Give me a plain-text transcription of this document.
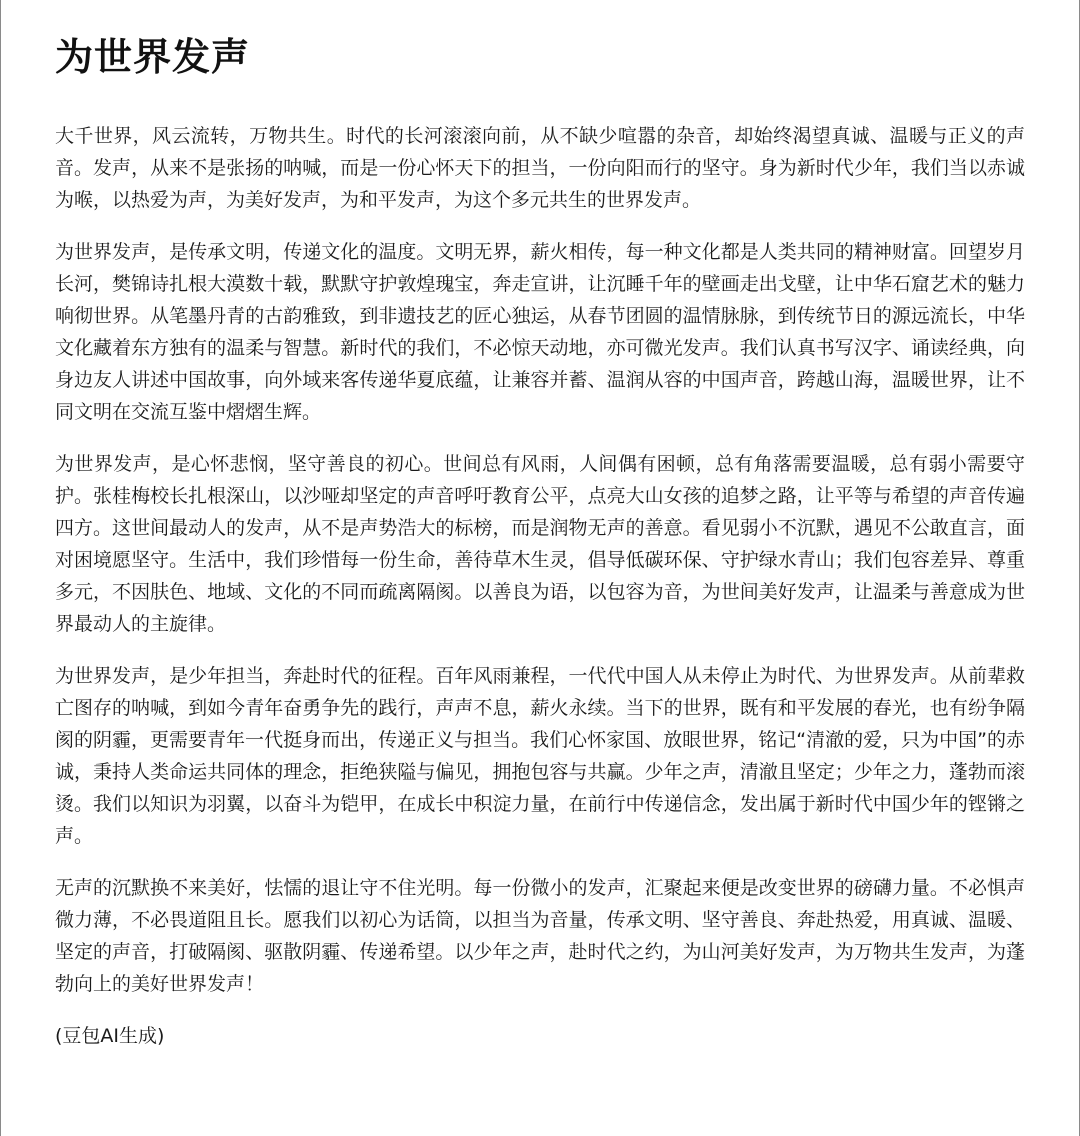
为世界发声

大千世界，风云流转，万物共生。时代的长河滚滚向前，从不缺少喧嚣的杂音，却始终渴望真诚、温暖与正义的声音。发声，从来不是张扬的呐喊，而是一份心怀天下的担当，一份向阳而行的坚守。身为新时代少年，我们当以赤诚为喉，以热爱为声，为美好发声，为和平发声，为这个多元共生的世界发声。

为世界发声，是传承文明，传递文化的温度。文明无界，薪火相传，每一种文化都是人类共同的精神财富。回望岁月长河，樊锦诗扎根大漠数十载，默默守护敦煌瑰宝，奔走宣讲，让沉睡千年的壁画走出戈壁，让中华石窟艺术的魅力响彻世界。从笔墨丹青的古韵雅致，到非遗技艺的匠心独运，从春节团圆的温情脉脉，到传统节日的源远流长，中华文化藏着东方独有的温柔与智慧。新时代的我们，不必惊天动地，亦可微光发声。我们认真书写汉字、诵读经典，向身边友人讲述中国故事，向外域来客传递华夏底蕴，让兼容并蓄、温润从容的中国声音，跨越山海，温暖世界，让不同文明在交流互鉴中熠熠生辉。

为世界发声，是心怀悲悯，坚守善良的初心。世间总有风雨，人间偶有困顿，总有角落需要温暖，总有弱小需要守护。张桂梅校长扎根深山，以沙哑却坚定的声音呼吁教育公平，点亮大山女孩的追梦之路，让平等与希望的声音传遍四方。这世间最动人的发声，从不是声势浩大的标榜，而是润物无声的善意。看见弱小不沉默，遇见不公敢直言，面对困境愿坚守。生活中，我们珍惜每一份生命，善待草木生灵，倡导低碳环保、守护绿水青山；我们包容差异、尊重多元，不因肤色、地域、文化的不同而疏离隔阂。以善良为语，以包容为音，为世间美好发声，让温柔与善意成为世界最动人的主旋律。

为世界发声，是少年担当，奔赴时代的征程。百年风雨兼程，一代代中国人从未停止为时代、为世界发声。从前辈救亡图存的呐喊，到如今青年奋勇争先的践行，声声不息，薪火永续。当下的世界，既有和平发展的春光，也有纷争隔阂的阴霾，更需要青年一代挺身而出，传递正义与担当。我们心怀家国、放眼世界，铭记“清澈的爱，只为中国”的赤诚，秉持人类命运共同体的理念，拒绝狭隘与偏见，拥抱包容与共赢。少年之声，清澈且坚定；少年之力，蓬勃而滚烫。我们以知识为羽翼，以奋斗为铠甲，在成长中积淀力量，在前行中传递信念，发出属于新时代中国少年的铿锵之声。

无声的沉默换不来美好，怯懦的退让守不住光明。每一份微小的发声，汇聚起来便是改变世界的磅礴力量。不必惧声微力薄，不必畏道阻且长。愿我们以初心为话筒，以担当为音量，传承文明、坚守善良、奔赴热爱，用真诚、温暖、坚定的声音，打破隔阂、驱散阴霾、传递希望。以少年之声，赴时代之约，为山河美好发声，为万物共生发声，为蓬勃向上的美好世界发声！

(豆包AI生成)
